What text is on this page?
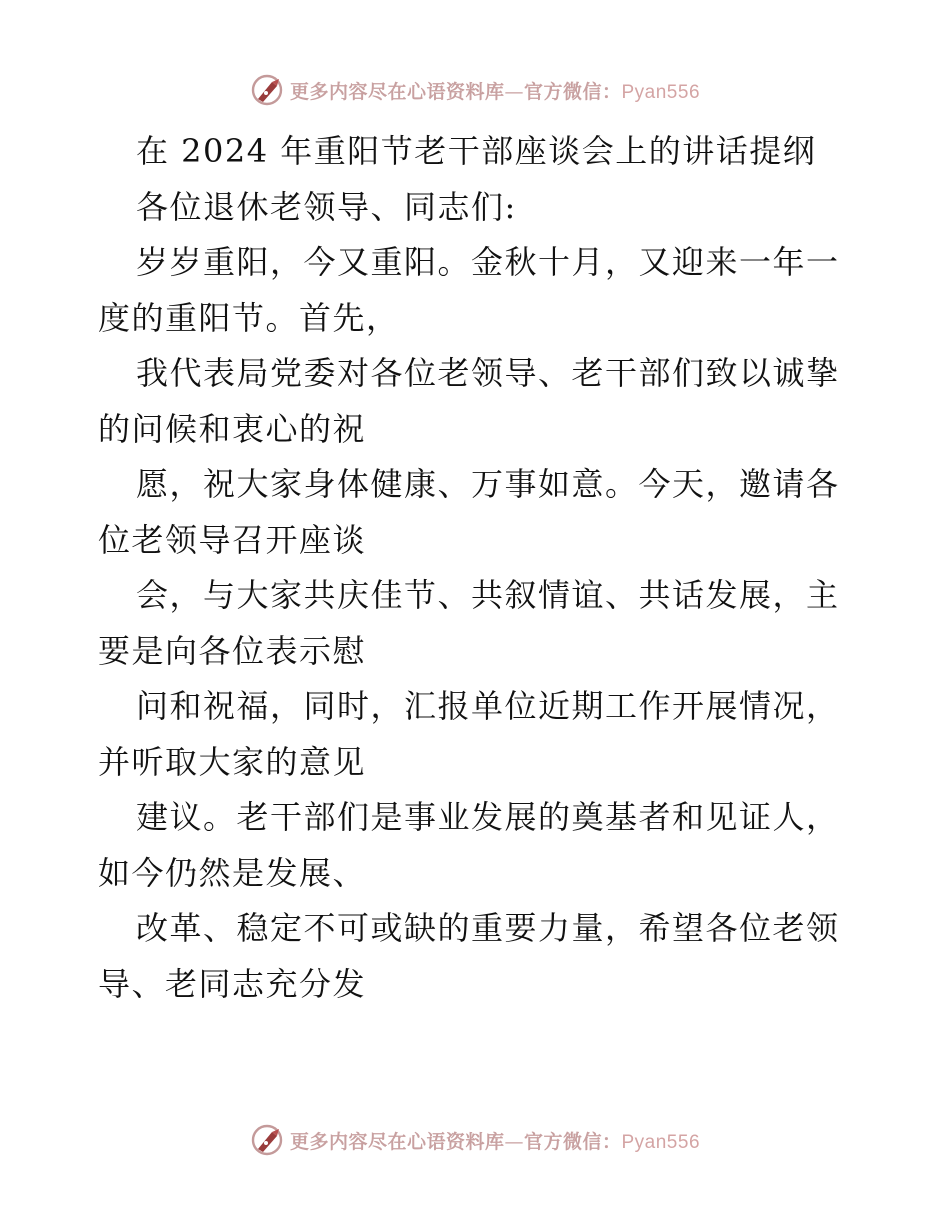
更多内容尽在心语资料库—官方微信：Pyan556
在 2024 年重阳节老干部座谈会上的讲话提纲
各位退休老领导、同志们:
岁岁重阳，今又重阳。金秋十月，又迎来一年一
度的重阳节。首先，
我代表局党委对各位老领导、老干部们致以诚挚
的问候和衷心的祝
愿，祝大家身体健康、万事如意。今天，邀请各
位老领导召开座谈
会，与大家共庆佳节、共叙情谊、共话发展，主
要是向各位表示慰
问和祝福，同时，汇报单位近期工作开展情况，
并听取大家的意见
建议。老干部们是事业发展的奠基者和见证人，
如今仍然是发展、
改革、稳定不可或缺的重要力量，希望各位老领
导、老同志充分发
更多内容尽在心语资料库—官方微信：Pyan556
